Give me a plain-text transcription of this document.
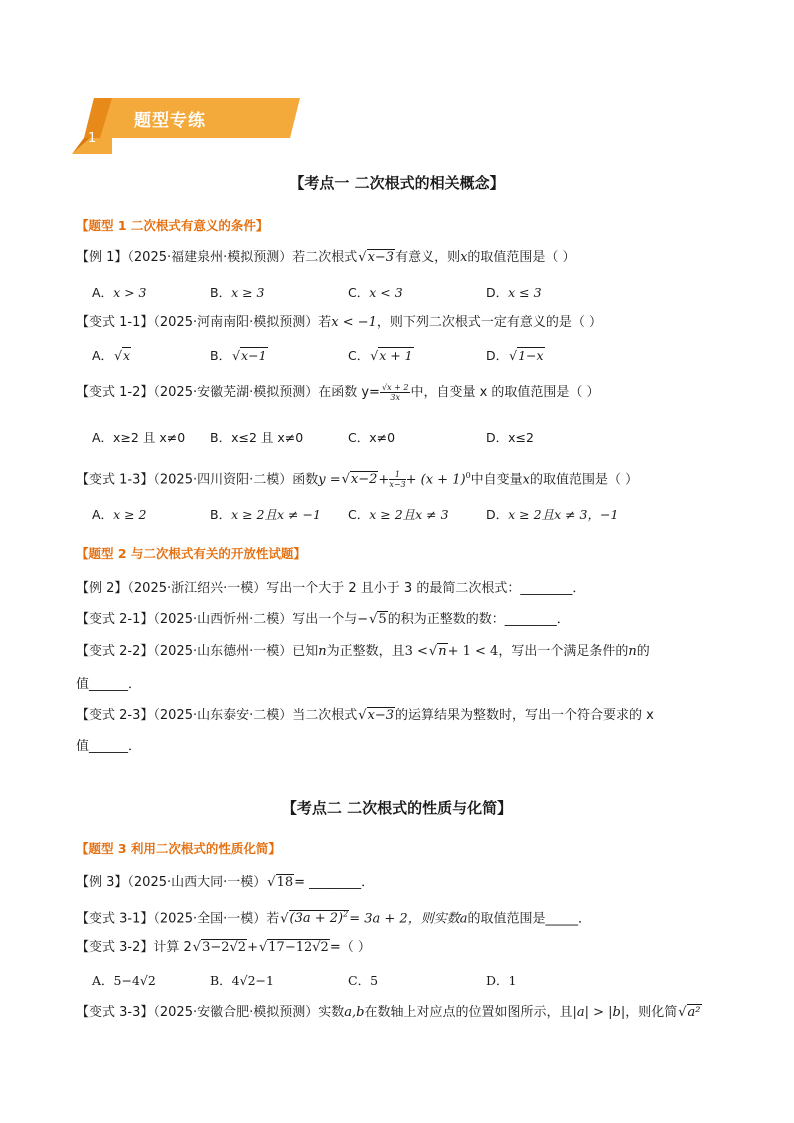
题型专练
1
【考点一 二次根式的相关概念】
【题型 1 二次根式有意义的条件】
【例 1】（2025·福建泉州·模拟预测）若二次根式√x−3有意义，则x的取值范围是（ ）
A．x > 3	B．x ≥ 3	C．x < 3	D．x ≤ 3
【变式 1-1】（2025·河南南阳·模拟预测）若x < −1，则下列二次根式一定有意义的是（ ）
A．√x	B．√x−1	C．√x + 1	D．√1−x
【变式 1-2】（2025·安徽芜湖·模拟预测）在函数 $y= \frac{√x + 2}{3x}$ 中，自变量 x 的取值范围是（ ）
A．x≥2 且 x≠0 B．x≤2 且 x≠0	C．x≠0	D．x≤2
【变式 1-3】（2025·四川资阳·二模）函数$y =√x-2+ \frac{1}{x-3} + (x + 1)^0$中自变量x的取值范围是（ ）
A．x ≥ 2	B．x ≥ 2且x ≠ −1 C．x ≥ 2且x ≠ 3	D．x ≥ 2且x ≠ 3，−1
【题型 2 与二次根式有关的开放性试题】
【例 2】（2025·浙江绍兴·一模）写出一个大于 2 且小于 3 的最简二次根式：________．
【变式 2-1】（2025·山西忻州·二模）写出一个与−√5的积为正整数的数：________．
【变式 2-2】（2025·山东德州·一模）已知n为正整数，且3 <√n+ 1 < 4，写出一个满足条件的n的
值______．
【变式 2-3】（2025·山东泰安·二模）当二次根式√x−3的运算结果为整数时，写出一个符合要求的 x
值______．
【考点二 二次根式的性质与化简】
【题型 3 利用二次根式的性质化简】
【例 3】（2025·山西大同·一模）√18= ________．
【变式 3-1】（2025·全国·一模）若$√(3a + 2)^2= 3a + 2$，则实数a的取值范围是_____．
【变式 3-2】计算 2√3−2√2+√17−12√2=（ ）
A．5−4√2	B．4√2−1	C．5	D．1
【变式 3-3】（2025·安徽合肥·模拟预测）实数a,b在数轴上对应点的位置如图所示，且|a| > |b|，则化简√a²
